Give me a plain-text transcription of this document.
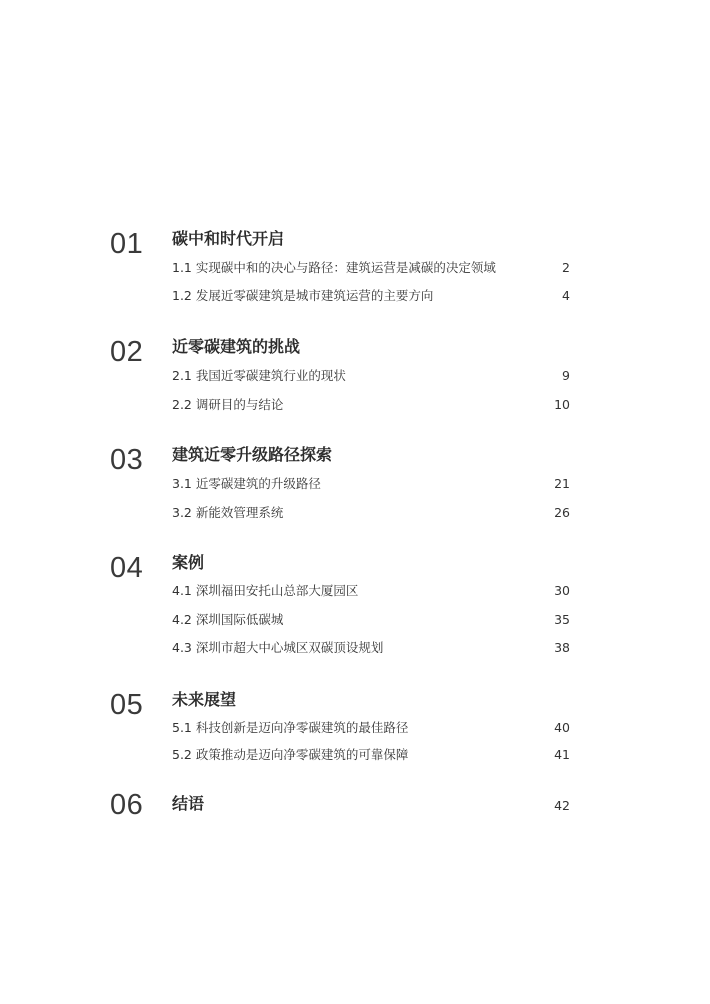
01 碳中和时代开启
1.1 实现碳中和的决心与路径：建筑运营是减碳的决定领域	2
1.2 发展近零碳建筑是城市建筑运营的主要方向	4
02 近零碳建筑的挑战
2.1 我国近零碳建筑行业的现状	9
2.2 调研目的与结论	10
03 建筑近零升级路径探索
3.1 近零碳建筑的升级路径	21
3.2 新能效管理系统	26
04 案例
4.1 深圳福田安托山总部大厦园区	30
4.2 深圳国际低碳城	35
4.3 深圳市超大中心城区双碳顶设规划	38
05 未来展望
5.1 科技创新是迈向净零碳建筑的最佳路径	40
5.2 政策推动是迈向净零碳建筑的可靠保障	41
06 结语	42
